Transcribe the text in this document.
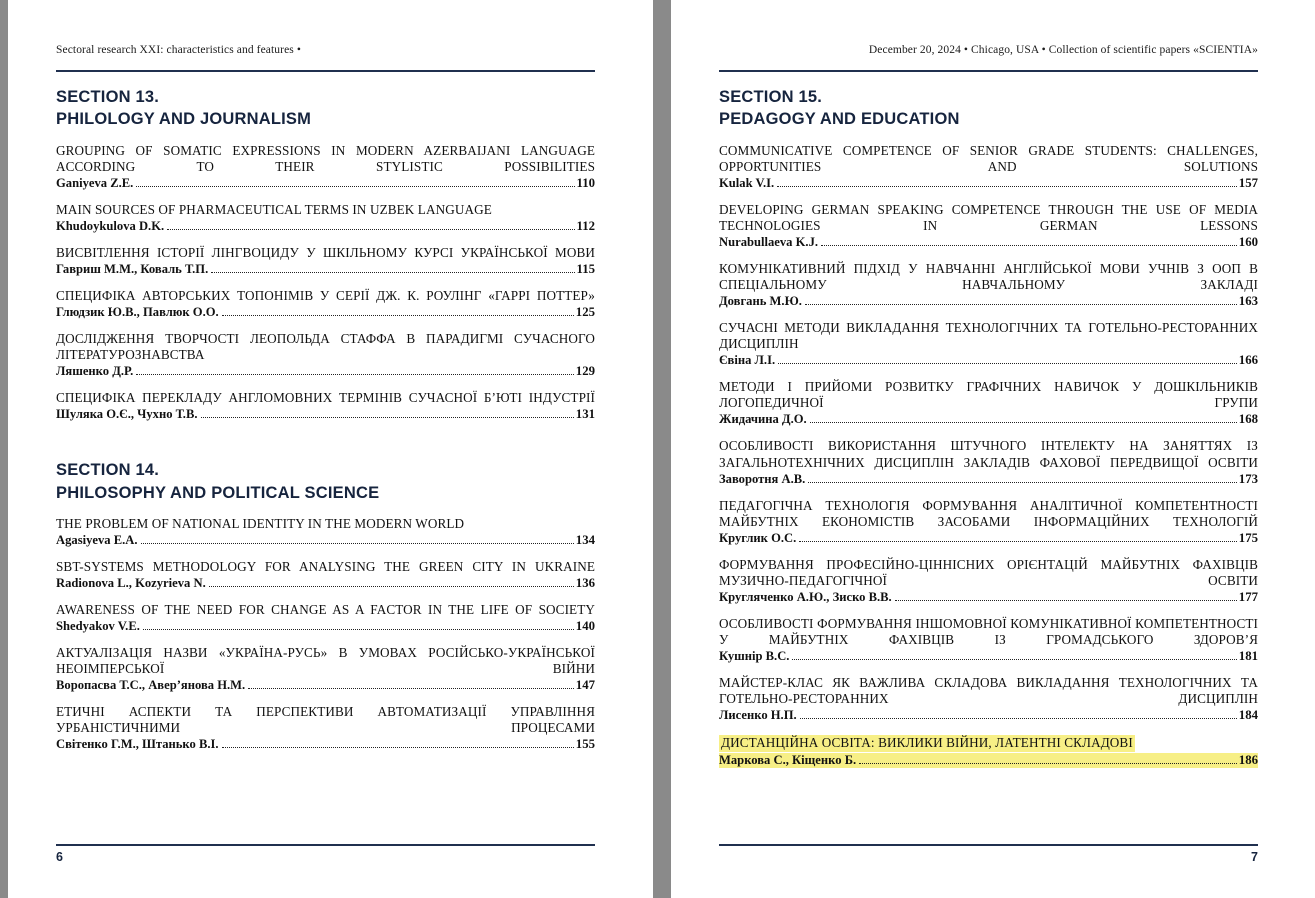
Sectoral research XXI: characteristics and features •
SECTION 13.
PHILOLOGY AND JOURNALISM
GROUPING OF SOMATIC EXPRESSIONS IN MODERN AZERBAIJANI LANGUAGE ACCORDING TO THEIR STYLISTIC POSSIBILITIES
Ganiyeva Z.E.	110
MAIN SOURCES OF PHARMACEUTICAL TERMS IN UZBEK LANGUAGE
Khudoykulova D.K.	112
ВИСВІТЛЕННЯ ІСТОРІЇ ЛІНГВОЦИДУ У ШКІЛЬНОМУ КУРСІ УКРАЇНСЬКОЇ МОВИ
Гавриш М.М., Коваль Т.П.	115
СПЕЦИФІКА АВТОРСЬКИХ ТОПОНІМІВ У СЕРІЇ ДЖ. К. РОУЛІНГ «ГАРРІ ПОТТЕР»
Глюдзик Ю.В., Павлюк О.О.	125
ДОСЛІДЖЕННЯ ТВОРЧОСТІ ЛЕОПОЛЬДА СТАФФА В ПАРАДИГМІ СУЧАСНОГО ЛІТЕРАТУРОЗНАВСТВА
Ляшенко Д.Р.	129
СПЕЦИФІКА ПЕРЕКЛАДУ АНГЛОМОВНИХ ТЕРМІНІВ СУЧАСНОЇ Б’ЮТІ ІНДУСТРІЇ
Шуляка О.Є., Чухно Т.В.	131
SECTION 14.
PHILOSOPHY AND POLITICAL SCIENCE
THE PROBLEM OF NATIONAL IDENTITY IN THE MODERN WORLD
Agasiyeva E.A.	134
SBT-SYSTEMS METHODOLOGY FOR ANALYSING THE GREEN CITY IN UKRAINE
Radionova L., Kozyrieva N.	136
AWARENESS OF THE NEED FOR CHANGE AS A FACTOR IN THE LIFE OF SOCIETY
Shedyakov V.E.	140
АКТУАЛІЗАЦІЯ НАЗВИ «УКРАЇНА-РУСЬ» В УМОВАХ РОСІЙСЬКО-УКРАЇНСЬКОЇ НЕОІМПЕРСЬКОЇ ВІЙНИ
Воропасва Т.С., Авер’янова Н.М.	147
ЕТИЧНІ АСПЕКТИ ТА ПЕРСПЕКТИВИ АВТОМАТИЗАЦІЇ УПРАВЛІННЯ УРБАНІСТИЧНИМИ ПРОЦЕСАМИ
Світенко Г.М., Штанько В.І.	155
6
December 20, 2024 • Chicago, USA • Collection of scientific papers «SCIENTIA»
SECTION 15.
PEDAGOGY AND EDUCATION
COMMUNICATIVE COMPETENCE OF SENIOR GRADE STUDENTS: CHALLENGES, OPPORTUNITIES AND SOLUTIONS
Kulak V.I.	157
DEVELOPING GERMAN SPEAKING COMPETENCE THROUGH THE USE OF MEDIA TECHNOLOGIES IN GERMAN LESSONS
Nurabullaeva K.J.	160
КОМУНІКАТИВНИЙ ПІДХІД У НАВЧАННІ АНГЛІЙСЬКОЇ МОВИ УЧНІВ З ООП В СПЕЦІАЛЬНОМУ НАВЧАЛЬНОМУ ЗАКЛАДІ
Довгань М.Ю.	163
СУЧАСНІ МЕТОДИ ВИКЛАДАННЯ ТЕХНОЛОГІЧНИХ ТА ГОТЕЛЬНО-РЕСТОРАННИХ ДИСЦИПЛІН
Євіна Л.І.	166
МЕТОДИ І ПРИЙОМИ РОЗВИТКУ ГРАФІЧНИХ НАВИЧОК У ДОШКІЛЬНИКІВ ЛОГОПЕДИЧНОЇ ГРУПИ
Жидачина Д.О.	168
ОСОБЛИВОСТІ ВИКОРИСТАННЯ ШТУЧНОГО ІНТЕЛЕКТУ НА ЗАНЯТТЯХ ІЗ ЗАГАЛЬНОТЕХНІЧНИХ ДИСЦИПЛІН ЗАКЛАДІВ ФАХОВОЇ ПЕРЕДВИЩОЇ ОСВІТИ
Заворотня А.В.	173
ПЕДАГОГІЧНА ТЕХНОЛОГІЯ ФОРМУВАННЯ АНАЛІТИЧНОЇ КОМПЕТЕНТНОСТІ МАЙБУТНІХ ЕКОНОМІСТІВ ЗАСОБАМИ ІНФОРМАЦІЙНИХ ТЕХНОЛОГІЙ
Круглик О.С.	175
ФОРМУВАННЯ ПРОФЕСІЙНО-ЦІННІСНИХ ОРІЄНТАЦІЙ МАЙБУТНІХ ФАХІВЦІВ МУЗИЧНО-ПЕДАГОГІЧНОЇ ОСВІТИ
Кругляченко А.Ю., Зиско В.В.	177
ОСОБЛИВОСТІ ФОРМУВАННЯ ІНШОМОВНОЇ КОМУНІКАТИВНОЇ КОМПЕТЕНТНОСТІ У МАЙБУТНІХ ФАХІВЦІВ ІЗ ГРОМАДСЬКОГО ЗДОРОВ’Я
Кушнір В.С.	181
МАЙСТЕР-КЛАС ЯК ВАЖЛИВА СКЛАДОВА ВИКЛАДАННЯ ТЕХНОЛОГІЧНИХ ТА ГОТЕЛЬНО-РЕСТОРАННИХ ДИСЦИПЛІН
Лисенко Н.П.	184
ДИСТАНЦІЙНА ОСВІТА: ВИКЛИКИ ВІЙНИ, ЛАТЕНТНІ СКЛАДОВІ
Маркова С., Кіщенко Б.	186
7
